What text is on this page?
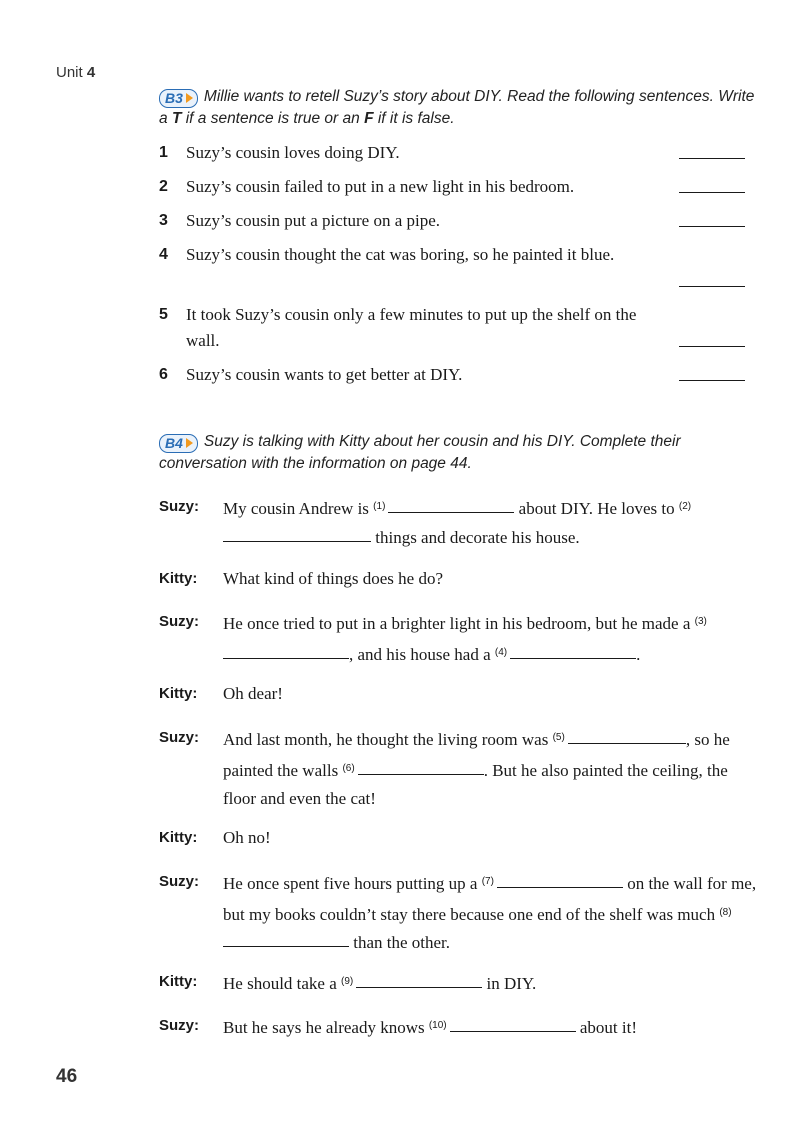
Unit 4
B3 Millie wants to retell Suzy’s story about DIY. Read the following sentences. Write a T if a sentence is true or an F if it is false.
1 Suzy’s cousin loves doing DIY.
2 Suzy’s cousin failed to put in a new light in his bedroom.
3 Suzy’s cousin put a picture on a pipe.
4 Suzy’s cousin thought the cat was boring, so he painted it blue.
5 It took Suzy’s cousin only a few minutes to put up the shelf on the wall.
6 Suzy’s cousin wants to get better at DIY.
B4 Suzy is talking with Kitty about her cousin and his DIY. Complete their conversation with the information on page 44.
Suzy: My cousin Andrew is $^{(1)}$	about DIY. He loves to $^{(2)}$ things and decorate his house.
Kitty: What kind of things does he do?
Suzy: He once tried to put in a brighter light in his bedroom, but he made a $^{(3)}$, and his house had a $^{(4)}$	.
Kitty: Oh dear!
Suzy: And last month, he thought the living room was $^{(5)}$	, so he painted the walls $^{(6)}$	. But he also painted the ceiling, the floor and even the cat!
Kitty: Oh no!
Suzy: He once spent five hours putting up a $^{(7)}$	on the wall for me, but my books couldn’t stay there because one end of the shelf was much $^{(8)}$ than the other.
Kitty: He should take a $^{(9)}$	in DIY.
Suzy: But he says he already knows $^{(10)}$	about it!
46
